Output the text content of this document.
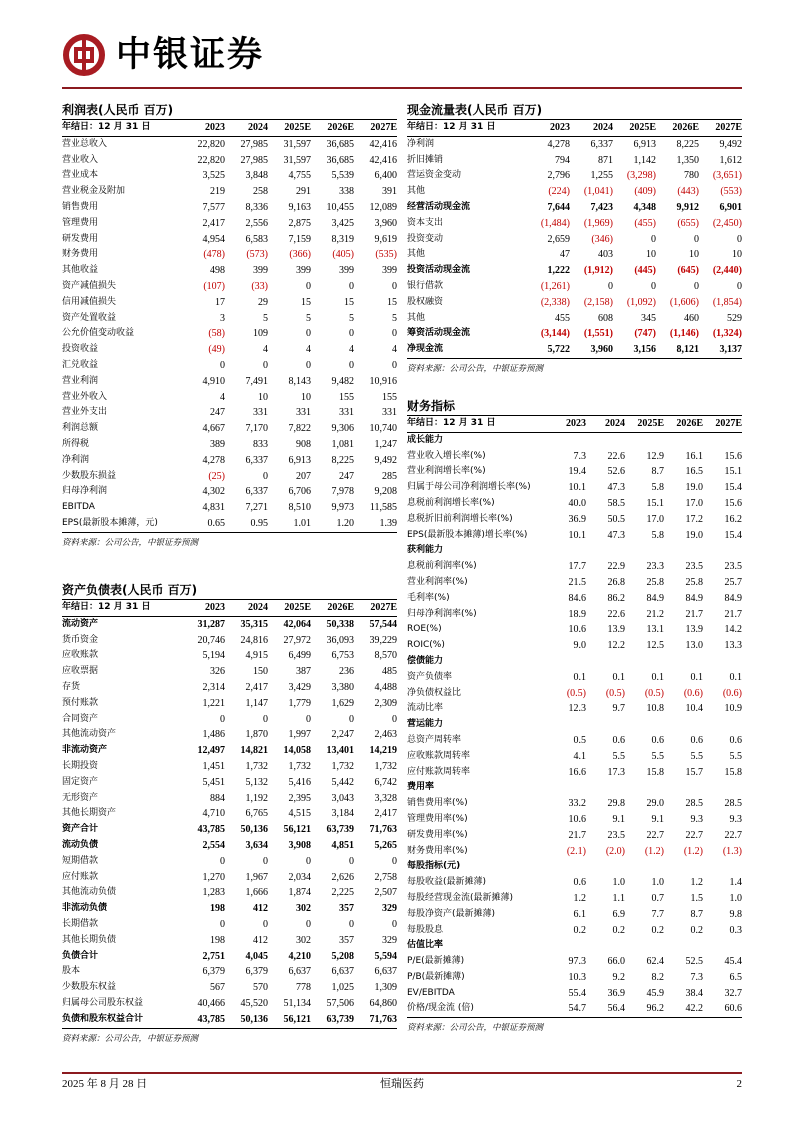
中银证券
利润表(人民币 百万)
年结日：12 月 31 日	2023	2024	2025E	2026E	2027E
营业总收入	22,820	27,985	31,597	36,685	42,416
营业收入	22,820	27,985	31,597	36,685	42,416
营业成本	3,525	3,848	4,755	5,539	6,400
营业税金及附加	219	258	291	338	391
销售费用	7,577	8,336	9,163	10,455	12,089
管理费用	2,417	2,556	2,875	3,425	3,960
研发费用	4,954	6,583	7,159	8,319	9,619
财务费用	(478)	(573)	(366)	(405)	(535)
其他收益	498	399	399	399	399
资产减值损失	(107)	(33)	0	0	0
信用减值损失	17	29	15	15	15
资产处置收益	3	5	5	5	5
公允价值变动收益	(58)	109	0	0	0
投资收益	(49)	4	4	4	4
汇兑收益	0	0	0	0	0
营业利润	4,910	7,491	8,143	9,482	10,916
营业外收入	4	10	10	155	155
营业外支出	247	331	331	331	331
利润总额	4,667	7,170	7,822	9,306	10,740
所得税	389	833	908	1,081	1,247
净利润	4,278	6,337	6,913	8,225	9,492
少数股东损益	(25)	0	207	247	285
归母净利润	4,302	6,337	6,706	7,978	9,208
EBITDA	4,831	7,271	8,510	9,973	11,585
EPS(最新股本摊薄，元)	0.65	0.95	1.01	1.20	1.39
资料来源：公司公告，中银证券预测
资产负债表(人民币 百万)
年结日：12 月 31 日	2023	2024	2025E	2026E	2027E
流动资产	31,287	35,315	42,064	50,338	57,544
货币资金	20,746	24,816	27,972	36,093	39,229
应收账款	5,194	4,915	6,499	6,753	8,570
应收票据	326	150	387	236	485
存货	2,314	2,417	3,429	3,380	4,488
预付账款	1,221	1,147	1,779	1,629	2,309
合同资产	0	0	0	0	0
其他流动资产	1,486	1,870	1,997	2,247	2,463
非流动资产	12,497	14,821	14,058	13,401	14,219
长期投资	1,451	1,732	1,732	1,732	1,732
固定资产	5,451	5,132	5,416	5,442	6,742
无形资产	884	1,192	2,395	3,043	3,328
其他长期资产	4,710	6,765	4,515	3,184	2,417
资产合计	43,785	50,136	56,121	63,739	71,763
流动负债	2,554	3,634	3,908	4,851	5,265
短期借款	0	0	0	0	0
应付账款	1,270	1,967	2,034	2,626	2,758
其他流动负债	1,283	1,666	1,874	2,225	2,507
非流动负债	198	412	302	357	329
长期借款	0	0	0	0	0
其他长期负债	198	412	302	357	329
负债合计	2,751	4,045	4,210	5,208	5,594
股本	6,379	6,379	6,637	6,637	6,637
少数股东权益	567	570	778	1,025	1,309
归属母公司股东权益	40,466	45,520	51,134	57,506	64,860
负债和股东权益合计	43,785	50,136	56,121	63,739	71,763
资料来源：公司公告，中银证券预测
现金流量表(人民币 百万)
年结日：12 月 31 日	2023	2024	2025E	2026E	2027E
净利润	4,278	6,337	6,913	8,225	9,492
折旧摊销	794	871	1,142	1,350	1,612
营运资金变动	2,796	1,255	(3,298)	780	(3,651)
其他	(224)	(1,041)	(409)	(443)	(553)
经营活动现金流	7,644	7,423	4,348	9,912	6,901
资本支出	(1,484)	(1,969)	(455)	(655)	(2,450)
投资变动	2,659	(346)	0	0	0
其他	47	403	10	10	10
投资活动现金流	1,222	(1,912)	(445)	(645)	(2,440)
银行借款	(1,261)	0	0	0	0
股权融资	(2,338)	(2,158)	(1,092)	(1,606)	(1,854)
其他	455	608	345	460	529
筹资活动现金流	(3,144)	(1,551)	(747)	(1,146)	(1,324)
净现金流	5,722	3,960	3,156	8,121	3,137
资料来源：公司公告，中银证券预测
财务指标
年结日：12 月 31 日	2023	2024	2025E	2026E	2027E
成长能力					
营业收入增长率(%)	7.3	22.6	12.9	16.1	15.6
营业利润增长率(%)	19.4	52.6	8.7	16.5	15.1
归属于母公司净利润增长率(%)	10.1	47.3	5.8	19.0	15.4
息税前利润增长率(%)	40.0	58.5	15.1	17.0	15.6
息税折旧前利润增长率(%)	36.9	50.5	17.0	17.2	16.2
EPS(最新股本摊薄)增长率(%)	10.1	47.3	5.8	19.0	15.4
获利能力					
息税前利润率(%)	17.7	22.9	23.3	23.5	23.5
营业利润率(%)	21.5	26.8	25.8	25.8	25.7
毛利率(%)	84.6	86.2	84.9	84.9	84.9
归母净利润率(%)	18.9	22.6	21.2	21.7	21.7
ROE(%)	10.6	13.9	13.1	13.9	14.2
ROIC(%)	9.0	12.2	12.5	13.0	13.3
偿债能力					
资产负债率	0.1	0.1	0.1	0.1	0.1
净负债权益比	(0.5)	(0.5)	(0.5)	(0.6)	(0.6)
流动比率	12.3	9.7	10.8	10.4	10.9
营运能力					
总资产周转率	0.5	0.6	0.6	0.6	0.6
应收账款周转率	4.1	5.5	5.5	5.5	5.5
应付账款周转率	16.6	17.3	15.8	15.7	15.8
费用率					
销售费用率(%)	33.2	29.8	29.0	28.5	28.5
管理费用率(%)	10.6	9.1	9.1	9.3	9.3
研发费用率(%)	21.7	23.5	22.7	22.7	22.7
财务费用率(%)	(2.1)	(2.0)	(1.2)	(1.2)	(1.3)
每股指标(元)					
每股收益(最新摊薄)	0.6	1.0	1.0	1.2	1.4
每股经营现金流(最新摊薄)	1.2	1.1	0.7	1.5	1.0
每股净资产(最新摊薄)	6.1	6.9	7.7	8.7	9.8
每股股息	0.2	0.2	0.2	0.2	0.3
估值比率					
P/E(最新摊薄)	97.3	66.0	62.4	52.5	45.4
P/B(最新摊薄)	10.3	9.2	8.2	7.3	6.5
EV/EBITDA	55.4	36.9	45.9	38.4	32.7
价格/现金流 (倍)	54.7	56.4	96.2	42.2	60.6
资料来源：公司公告，中银证券预测
2025 年 8 月 28 日	恒瑞医药	2
